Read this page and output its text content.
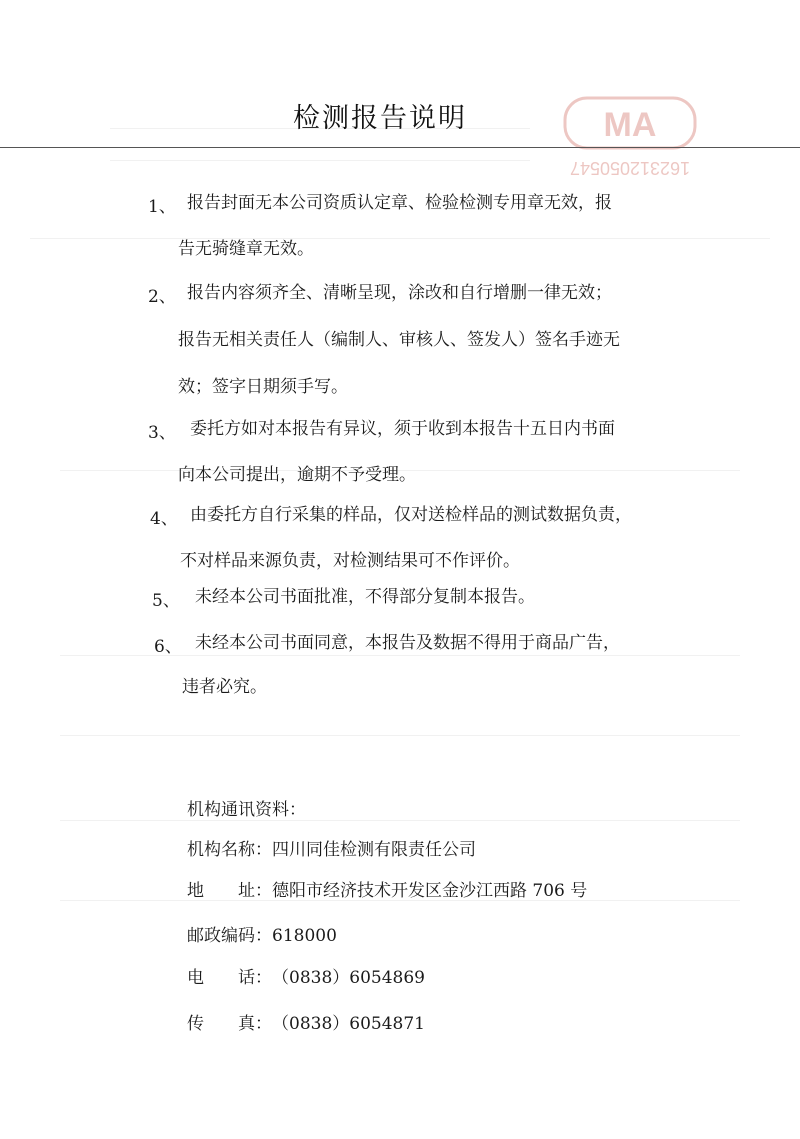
MA
162312050547
检测报告说明
1、 报告封面无本公司资质认定章、检验检测专用章无效，报
告无骑缝章无效。
2、 报告内容须齐全、清晰呈现，涂改和自行增删一律无效；
报告无相关责任人（编制人、审核人、签发人）签名手迹无
效；签字日期须手写。
3、 委托方如对本报告有异议，须于收到本报告十五日内书面
向本公司提出，逾期不予受理。
4、 由委托方自行采集的样品，仅对送检样品的测试数据负责，
不对样品来源负责，对检测结果可不作评价。
5、 未经本公司书面批准，不得部分复制本报告。
6、 未经本公司书面同意，本报告及数据不得用于商品广告，
违者必究。
机构通讯资料：
机构名称：四川同佳检测有限责任公司
地　　址：德阳市经济技术开发区金沙江西路 706 号
邮政编码：618000
电　　话：（0838）6054869
传　　真：（0838）6054871
